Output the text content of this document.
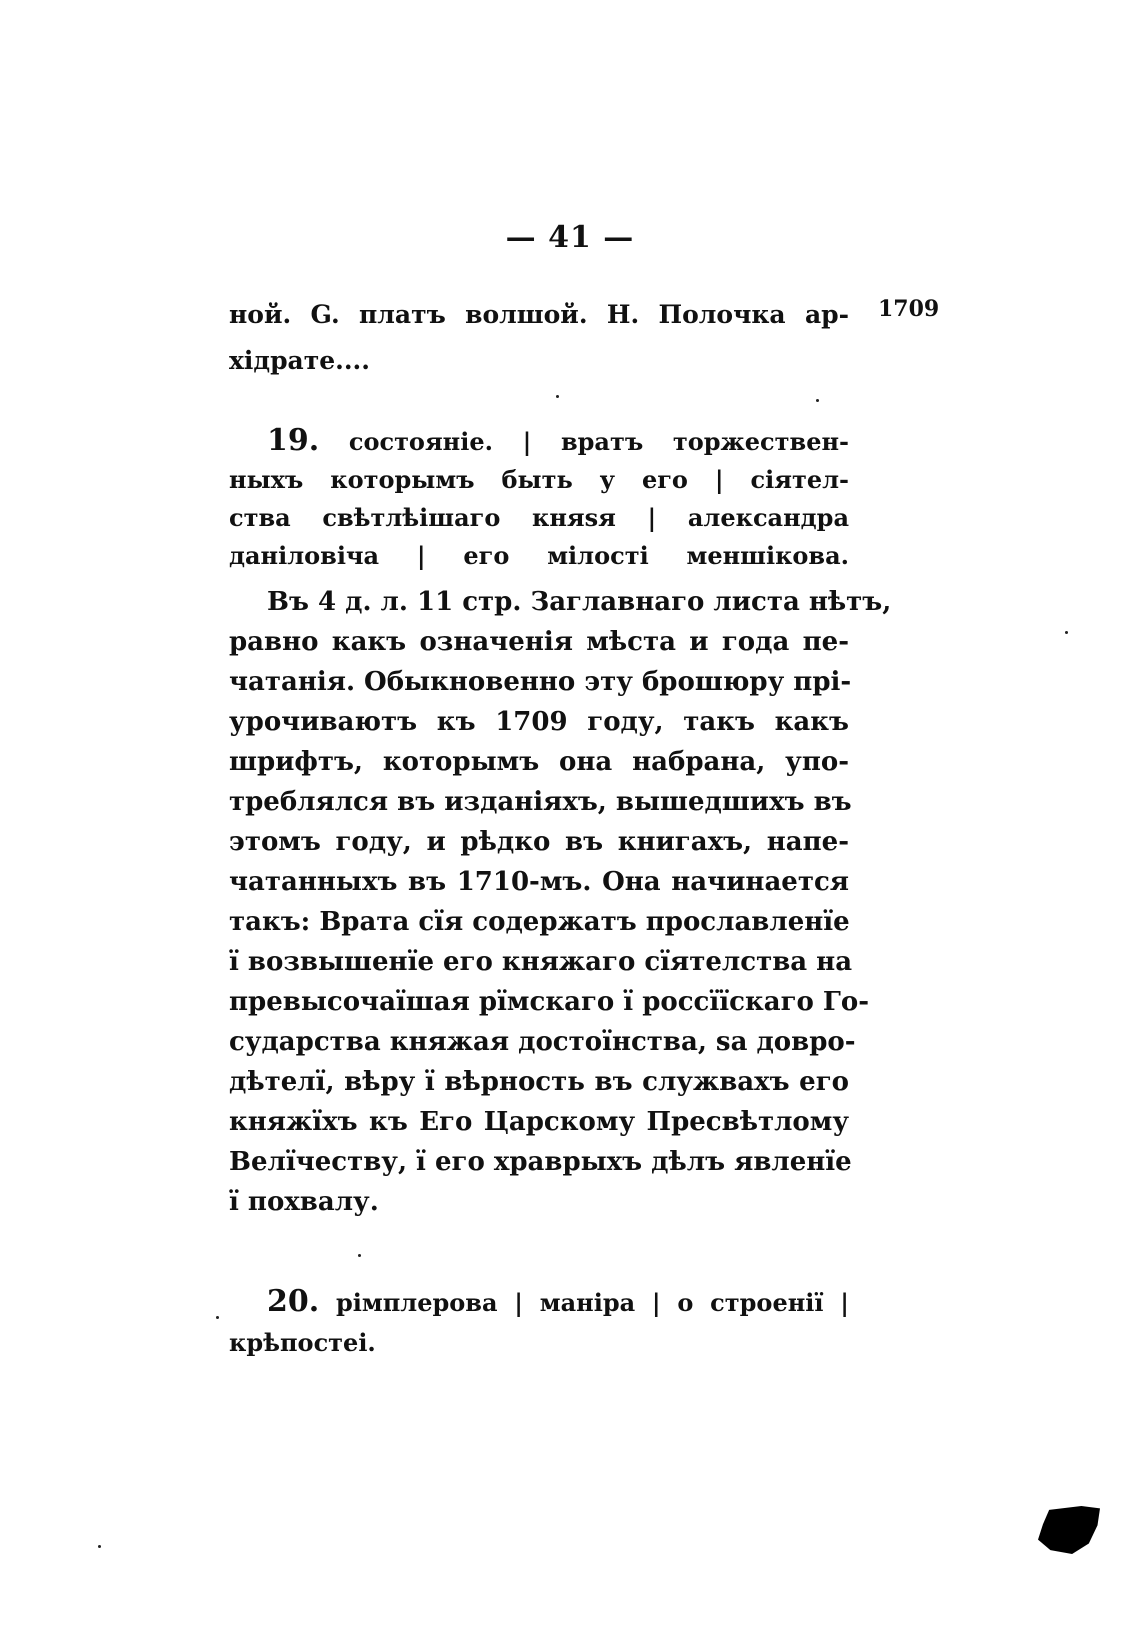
— 41 —
1709
ной. G. платъ волшой. Н. Полочка ар-
хідрате....
19. состояніе. | вратъ торжествен-
ныхъ которымъ быть у его | сіятел-
ства свѣтлѣішаго княѕя | александра
даніловіча | его мілості меншікова.
Въ 4 д. л. 11 стр. Заглавнаго листа нѣтъ,
равно какъ означенія мѣста и года пе-
чатанія. Обыкновенно эту брошюру прі-
урочиваютъ къ 1709 году, такъ какъ
шрифтъ, которымъ она набрана, упо-
треблялся въ изданіяхъ, вышедшихъ въ
этомъ году, и рѣдко въ книгахъ, напе-
чатанныхъ въ 1710-мъ. Она начинается
такъ: Врата сїя содержатъ прославленїе
ї возвышенїе его княжаго сїятелства на
превысочаїшая рїмскаго ї россїїскаго Го-
сударства княжая достоїнства, ѕа довро-
дѣтелї, вѣру ї вѣрность въ служвахъ его
княжїхъ къ Его Царскому Пресвѣтлому
Велїчеству, ї его храврыхъ дѣлъ явленїе
ї похвалу.
20. рімплерова | маніра | о строенії |
крѣпостеі.
